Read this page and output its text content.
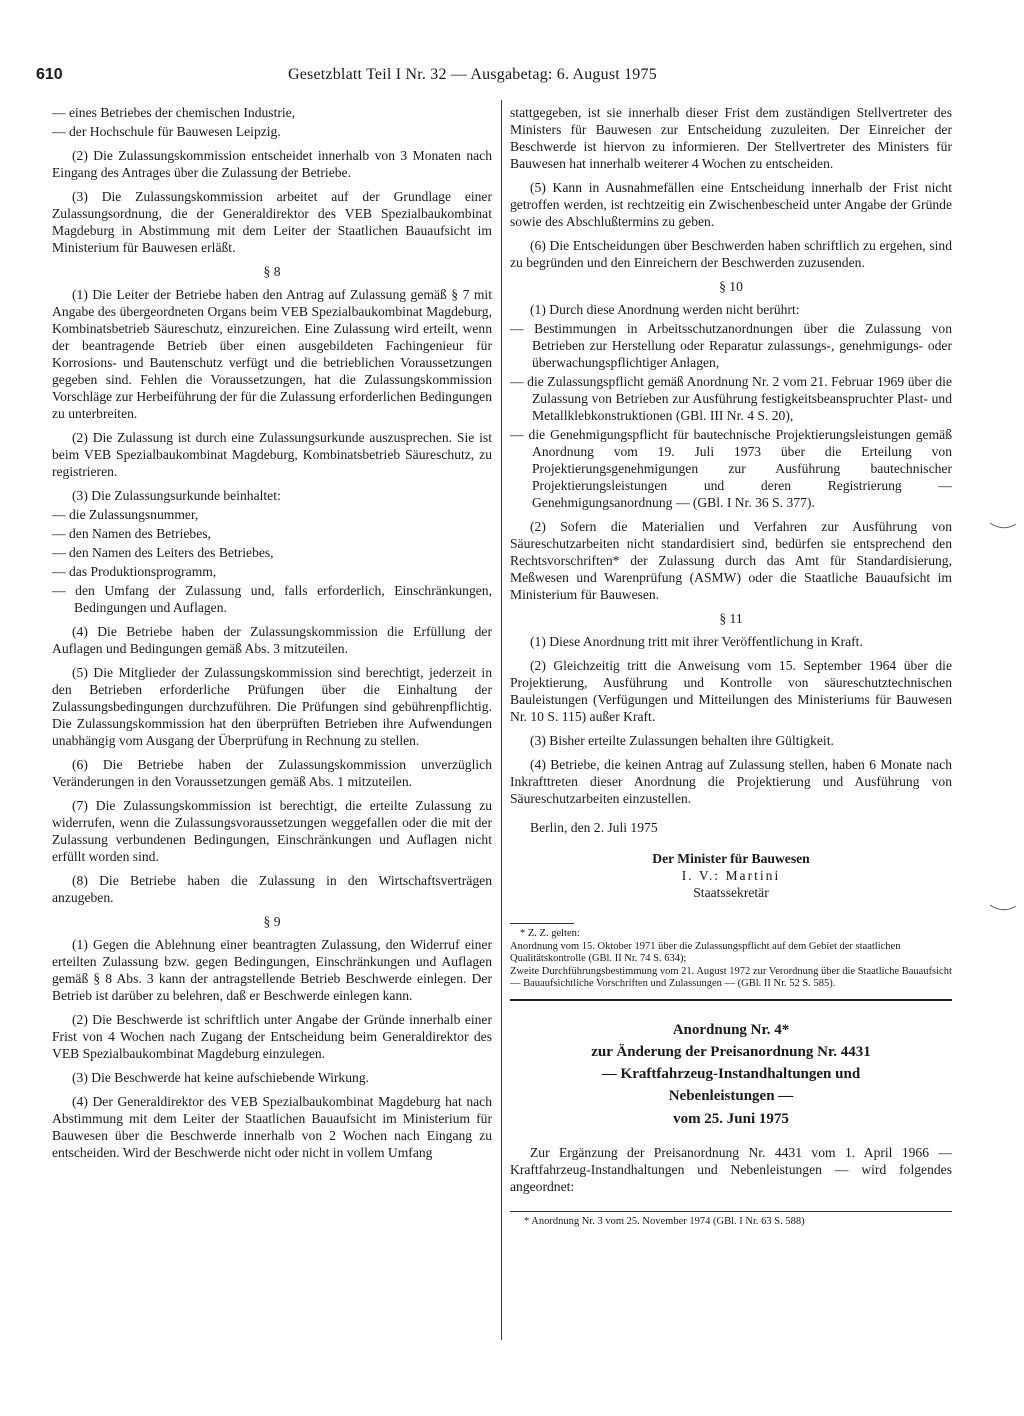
610	Gesetzblatt Teil I Nr. 32 — Ausgabetag: 6. August 1975

— eines Betriebes der chemischen Industrie,

— der Hochschule für Bauwesen Leipzig.

(2) Die Zulassungskommission entscheidet innerhalb von 3 Monaten nach Eingang des Antrages über die Zulassung der Betriebe.

(3) Die Zulassungskommission arbeitet auf der Grundlage einer Zulassungsordnung, die der Generaldirektor des VEB Spezialbaukombinat Magdeburg in Abstimmung mit dem Leiter der Staatlichen Bauaufsicht im Ministerium für Bauwesen erläßt.

§ 8

(1) Die Leiter der Betriebe haben den Antrag auf Zulassung gemäß § 7 mit Angabe des übergeordneten Organs beim VEB Spezialbaukombinat Magdeburg, Kombinatsbetrieb Säureschutz, einzureichen. Eine Zulassung wird erteilt, wenn der beantragende Betrieb über einen ausgebildeten Fachingenieur für Korrosions- und Bautenschutz verfügt und die betrieblichen Voraussetzungen gegeben sind. Fehlen die Voraussetzungen, hat die Zulassungskommission Vorschläge zur Herbeiführung der für die Zulassung erforderlichen Bedingungen zu unterbreiten.

(2) Die Zulassung ist durch eine Zulassungsurkunde auszusprechen. Sie ist beim VEB Spezialbaukombinat Magdeburg, Kombinatsbetrieb Säureschutz, zu registrieren.

(3) Die Zulassungsurkunde beinhaltet:

— die Zulassungsnummer,

— den Namen des Betriebes,

— den Namen des Leiters des Betriebes,

— das Produktionsprogramm,

— den Umfang der Zulassung und, falls erforderlich, Einschränkungen, Bedingungen und Auflagen.

(4) Die Betriebe haben der Zulassungskommission die Erfüllung der Auflagen und Bedingungen gemäß Abs. 3 mitzuteilen.

(5) Die Mitglieder der Zulassungskommission sind berechtigt, jederzeit in den Betrieben erforderliche Prüfungen über die Einhaltung der Zulassungsbedingungen durchzuführen. Die Prüfungen sind gebührenpflichtig. Die Zulassungskommission hat den überprüften Betrieben ihre Aufwendungen unabhängig vom Ausgang der Überprüfung in Rechnung zu stellen.

(6) Die Betriebe haben der Zulassungskommission unverzüglich Veränderungen in den Voraussetzungen gemäß Abs. 1 mitzuteilen.

(7) Die Zulassungskommission ist berechtigt, die erteilte Zulassung zu widerrufen, wenn die Zulassungsvoraussetzungen weggefallen oder die mit der Zulassung verbundenen Bedingungen, Einschränkungen und Auflagen nicht erfüllt worden sind.

(8) Die Betriebe haben die Zulassung in den Wirtschaftsverträgen anzugeben.

§ 9

(1) Gegen die Ablehnung einer beantragten Zulassung, den Widerruf einer erteilten Zulassung bzw. gegen Bedingungen, Einschränkungen und Auflagen gemäß § 8 Abs. 3 kann der antragstellende Betrieb Beschwerde einlegen. Der Betrieb ist darüber zu belehren, daß er Beschwerde einlegen kann.

(2) Die Beschwerde ist schriftlich unter Angabe der Gründe innerhalb einer Frist von 4 Wochen nach Zugang der Entscheidung beim Generaldirektor des VEB Spezialbaukombinat Magdeburg einzulegen.

(3) Die Beschwerde hat keine aufschiebende Wirkung.

(4) Der Generaldirektor des VEB Spezialbaukombinat Magdeburg hat nach Abstimmung mit dem Leiter der Staatlichen Bauaufsicht im Ministerium für Bauwesen über die Beschwerde innerhalb von 2 Wochen nach Eingang zu entscheiden. Wird der Beschwerde nicht oder nicht in vollem Umfang

stattgegeben, ist sie innerhalb dieser Frist dem zuständigen Stellvertreter des Ministers für Bauwesen zur Entscheidung zuzuleiten. Der Einreicher der Beschwerde ist hiervon zu informieren. Der Stellvertreter des Ministers für Bauwesen hat innerhalb weiterer 4 Wochen zu entscheiden.

(5) Kann in Ausnahmefällen eine Entscheidung innerhalb der Frist nicht getroffen werden, ist rechtzeitig ein Zwischenbescheid unter Angabe der Gründe sowie des Abschlußtermins zu geben.

(6) Die Entscheidungen über Beschwerden haben schriftlich zu ergehen, sind zu begründen und den Einreichern der Beschwerden zuzusenden.

§ 10

(1) Durch diese Anordnung werden nicht berührt:

— Bestimmungen in Arbeitsschutzanordnungen über die Zulassung von Betrieben zur Herstellung oder Reparatur zulassungs-, genehmigungs- oder überwachungspflichtiger Anlagen,

— die Zulassungspflicht gemäß Anordnung Nr. 2 vom 21. Februar 1969 über die Zulassung von Betrieben zur Ausführung festigkeitsbeanspruchter Plast- und Metallklebkonstruktionen (GBl. III Nr. 4 S. 20),

— die Genehmigungspflicht für bautechnische Projektierungsleistungen gemäß Anordnung vom 19. Juli 1973 über die Erteilung von Projektierungsgenehmigungen zur Ausführung bautechnischer Projektierungsleistungen und deren Registrierung — Genehmigungsanordnung — (GBl. I Nr. 36 S. 377).

(2) Sofern die Materialien und Verfahren zur Ausführung von Säureschutzarbeiten nicht standardisiert sind, bedürfen sie entsprechend den Rechtsvorschriften* der Zulassung durch das Amt für Standardisierung, Meßwesen und Warenprüfung (ASMW) oder die Staatliche Bauaufsicht im Ministerium für Bauwesen.

§ 11

(1) Diese Anordnung tritt mit ihrer Veröffentlichung in Kraft.

(2) Gleichzeitig tritt die Anweisung vom 15. September 1964 über die Projektierung, Ausführung und Kontrolle von säureschutztechnischen Bauleistungen (Verfügungen und Mitteilungen des Ministeriums für Bauwesen Nr. 10 S. 115) außer Kraft.

(3) Bisher erteilte Zulassungen behalten ihre Gültigkeit.

(4) Betriebe, die keinen Antrag auf Zulassung stellen, haben 6 Monate nach Inkrafttreten dieser Anordnung die Projektierung und Ausführung von Säureschutzarbeiten einzustellen.

Berlin, den 2. Juli 1975

Der Minister für Bauwesen

I. V.: Martini

Staatssekretär

* Z. Z. gelten:

Anordnung vom 15. Oktober 1971 über die Zulassungspflicht auf dem Gebiet der staatlichen Qualitätskontrolle (GBl. II Nr. 74 S. 634);

Zweite Durchführungsbestimmung vom 21. August 1972 zur Verordnung über die Staatliche Bauaufsicht — Bauaufsichtliche Vorschriften und Zulassungen — (GBl. II Nr. 52 S. 585).

Anordnung Nr. 4*

zur Änderung der Preisanordnung Nr. 4431

— Kraftfahrzeug-Instandhaltungen und

Nebenleistungen —

vom 25. Juni 1975

Zur Ergänzung der Preisanordnung Nr. 4431 vom 1. April 1966 — Kraftfahrzeug-Instandhaltungen und Nebenleistungen — wird folgendes angeordnet:

* Anordnung Nr. 3 vom 25. November 1974 (GBl. I Nr. 63 S. 588)
